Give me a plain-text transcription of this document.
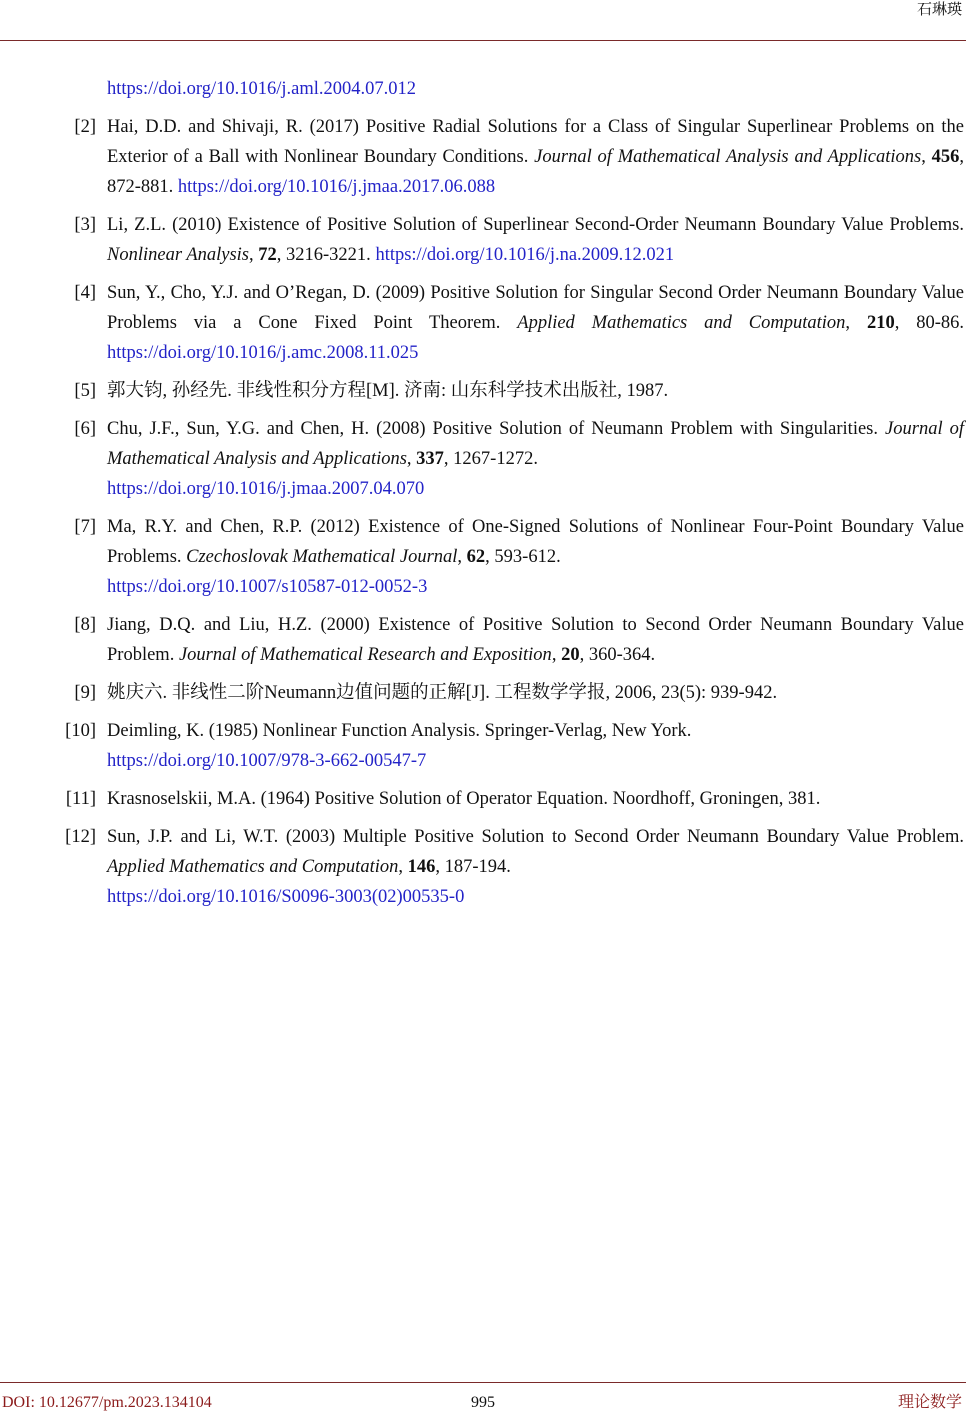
石琳瑛
https://doi.org/10.1016/j.aml.2004.07.012
[2] Hai, D.D. and Shivaji, R. (2017) Positive Radial Solutions for a Class of Singular Superlinear Problems on the Exterior of a Ball with Nonlinear Boundary Conditions. Journal of Mathematical Analysis and Applications, 456, 872-881. https://doi.org/10.1016/j.jmaa.2017.06.088
[3] Li, Z.L. (2010) Existence of Positive Solution of Superlinear Second-Order Neumann Boundary Value Problems. Nonlinear Analysis, 72, 3216-3221. https://doi.org/10.1016/j.na.2009.12.021
[4] Sun, Y., Cho, Y.J. and O’Regan, D. (2009) Positive Solution for Singular Second Order Neumann Boundary Value Problems via a Cone Fixed Point Theorem. Applied Mathematics and Computation, 210, 80-86. https://doi.org/10.1016/j.amc.2008.11.025
[5] 郭大钧, 孙经先. 非线性积分方程[M]. 济南: 山东科学技术出版社, 1987.
[6] Chu, J.F., Sun, Y.G. and Chen, H. (2008) Positive Solution of Neumann Problem with Singularities. Journal of Mathematical Analysis and Applications, 337, 1267-1272.
https://doi.org/10.1016/j.jmaa.2007.04.070
[7] Ma, R.Y. and Chen, R.P. (2012) Existence of One-Signed Solutions of Nonlinear Four-Point Boundary Value Problems. Czechoslovak Mathematical Journal, 62, 593-612.
https://doi.org/10.1007/s10587-012-0052-3
[8] Jiang, D.Q. and Liu, H.Z. (2000) Existence of Positive Solution to Second Order Neumann Boundary Value Problem. Journal of Mathematical Research and Exposition, 20, 360-364.
[9] 姚庆六. 非线性二阶Neumann边值问题的正解[J]. 工程数学学报, 2006, 23(5): 939-942.
[10] Deimling, K. (1985) Nonlinear Function Analysis. Springer-Verlag, New York.
https://doi.org/10.1007/978-3-662-00547-7
[11] Krasnoselskii, M.A. (1964) Positive Solution of Operator Equation. Noordhoff, Groningen, 381.
[12] Sun, J.P. and Li, W.T. (2003) Multiple Positive Solution to Second Order Neumann Boundary Value Problem. Applied Mathematics and Computation, 146, 187-194.
https://doi.org/10.1016/S0096-3003(02)00535-0
DOI: 10.12677/pm.2023.134104	995	理论数学
